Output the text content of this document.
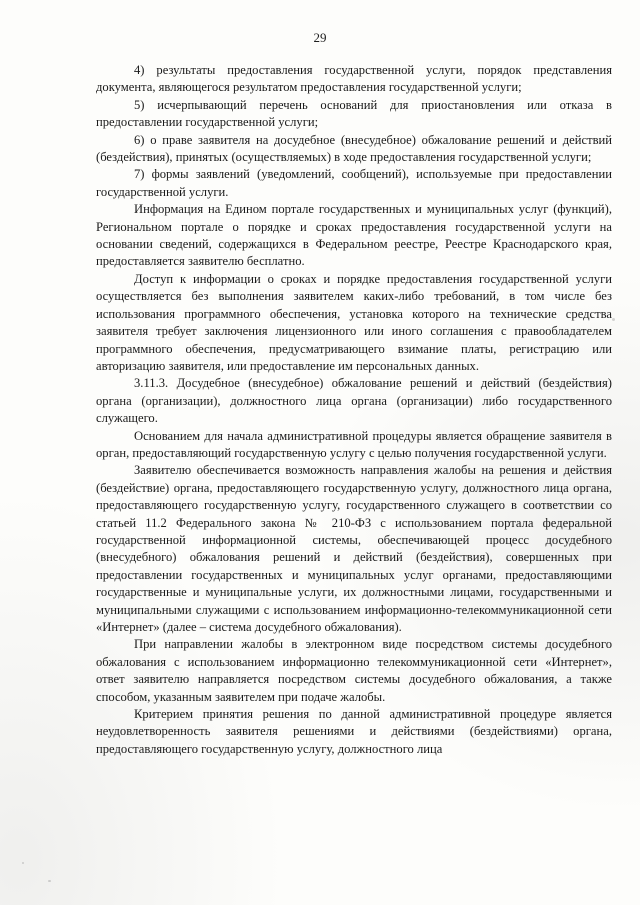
29

4) результаты предоставления государственной услуги, порядок представления документа, являющегося результатом предоставления государственной услуги;

5) исчерпывающий перечень оснований для приостановления или отказа в предоставлении государственной услуги;

6) о праве заявителя на досудебное (внесудебное) обжалование решений и действий (бездействия), принятых (осуществляемых) в ходе предоставления государственной услуги;

7) формы заявлений (уведомлений, сообщений), используемые при предоставлении государственной услуги.

Информация на Едином портале государственных и муниципальных услуг (функций), Региональном портале о порядке и сроках предоставления государственной услуги на основании сведений, содержащихся в Федеральном реестре, Реестре Краснодарского края, предоставляется заявителю бесплатно.

Доступ к информации о сроках и порядке предоставления государственной услуги осуществляется без выполнения заявителем каких-либо требований, в том числе без использования программного обеспечения, установка которого на технические средства заявителя требует заключения лицензионного или иного соглашения с правообладателем программного обеспечения, предусматривающего взимание платы, регистрацию или авторизацию заявителя, или предоставление им персональных данных.

3.11.3. Досудебное (внесудебное) обжалование решений и действий (бездействия) органа (организации), должностного лица органа (организации) либо государственного служащего.

Основанием для начала административной процедуры является обращение заявителя в орган, предоставляющий государственную услугу с целью получения государственной услуги.

Заявителю обеспечивается возможность направления жалобы на решения и действия (бездействие) органа, предоставляющего государственную услугу, должностного лица органа, предоставляющего государственную услугу, государственного служащего в соответствии со статьей 11.2 Федерального закона № 210-ФЗ с использованием портала федеральной государственной информационной системы, обеспечивающей процесс досудебного (внесудебного) обжалования решений и действий (бездействия), совершенных при предоставлении государственных и муниципальных услуг органами, предоставляющими государственные и муниципальные услуги, их должностными лицами, государственными и муниципальными служащими с использованием информационно-телекоммуникационной сети «Интернет» (далее – система досудебного обжалования).

При направлении жалобы в электронном виде посредством системы досудебного обжалования с использованием информационно телекоммуникационной сети «Интернет», ответ заявителю направляется посредством системы досудебного обжалования, а также способом, указанным заявителем при подаче жалобы.

Критерием принятия решения по данной административной процедуре является неудовлетворенность заявителя решениями и действиями (бездействиями) органа, предоставляющего государственную услугу, должностного лица
